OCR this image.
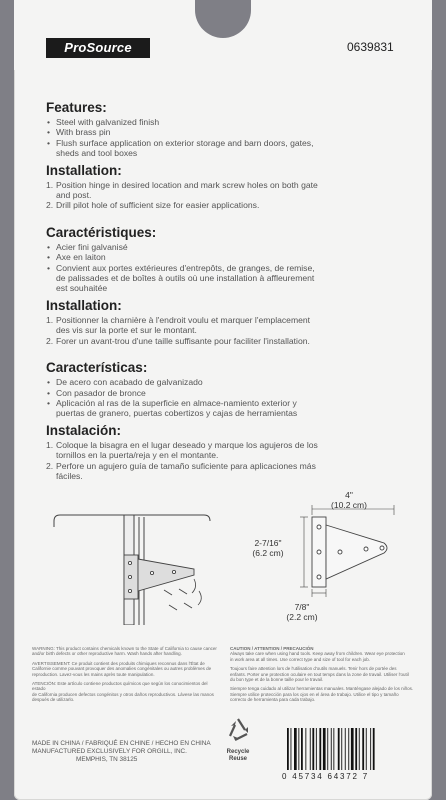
ProSource	0639831
Features:
• Steel with galvanized finish
• With brass pin
• Flush surface application on exterior storage and barn doors, gates,
sheds and tool boxes
Installation:
1. Position hinge in desired location and mark screw holes on both gate
and post.
2. Drill pilot hole of sufficient size for easier applications.
Caractéristiques:
• Acier fini galvanisé
• Axe en laiton
• Convient aux portes extérieures d'entrepôts, de granges, de remise,
de palissades et de boîtes à outils où une installation à affleurement
est souhaitée
Installation:
1. Positionner la charnière à l'endroit voulu et marquer l'emplacement
des vis sur la porte et sur le montant.
2. Forer un avant-trou d'une taille suffisante pour faciliter l'installation.
Características:
• De acero con acabado de galvanizado
• Con pasador de bronce
• Aplicación al ras de la superficie en almace-namiento exterior y
puertas de granero, puertas cobertizos y cajas de herramientas
Instalación:
1. Coloque la bisagra en el lugar deseado y marque los agujeros de los
tornillos en la puerta/reja y en el montante.
2. Perfore un agujero guía de tamaño suficiente para aplicaciones más
fáciles.
4"
(10.2 cm)
2-7/16"
(6.2 cm)
7/8"
(2.2 cm)
WARNING: This product contains chemicals known to the State of California to cause cancer
and/or birth defects or other reproductive harm. Wash hands after handling.
AVERTISSEMENT: Ce produit contient des produits chimiques reconnus dans l'État de
Californie comme pouvant provoquer des anomalies congénitales ou autres problèmes de
reproduction. Lavez-vous les mains après toute manipulation.
ATENCIÓN: Este artículo contiene productos químicos que según los conocimientos del estado
de California producen defectos congénitos y otros daños reproductivos. Lávese las manos
después de utilizarlo.
CAUTION / ATTENTION / PRECAUCIÓN
Always take care when using hand tools. Keep away from children. Wear eye protection
in work area at all times. Use correct type and size of tool for each job.
Toujours faire attention lors de l'utilisation d'outils manuels. Tenir hors de portée des
enfants. Porter une protection oculaire en tout temps dans la zone de travail. Utiliser l'outil
du bon type et de la bonne taille pour le travail.
Siempre tenga cuidado al utilizar herramientas manuales. Manténgase alejado de los niños.
Siempre utilice protección para los ojos en el área de trabajo. Utilice el tipo y tamaño
correcto de herramienta para cada trabajo.
MADE IN CHINA / FABRIQUÉ EN CHINE / HECHO EN CHINA
MANUFACTURED EXCLUSIVELY FOR ORGILL, INC.
MEMPHIS, TN 38125
Recycle
Reuse
0 45734 64372 7
